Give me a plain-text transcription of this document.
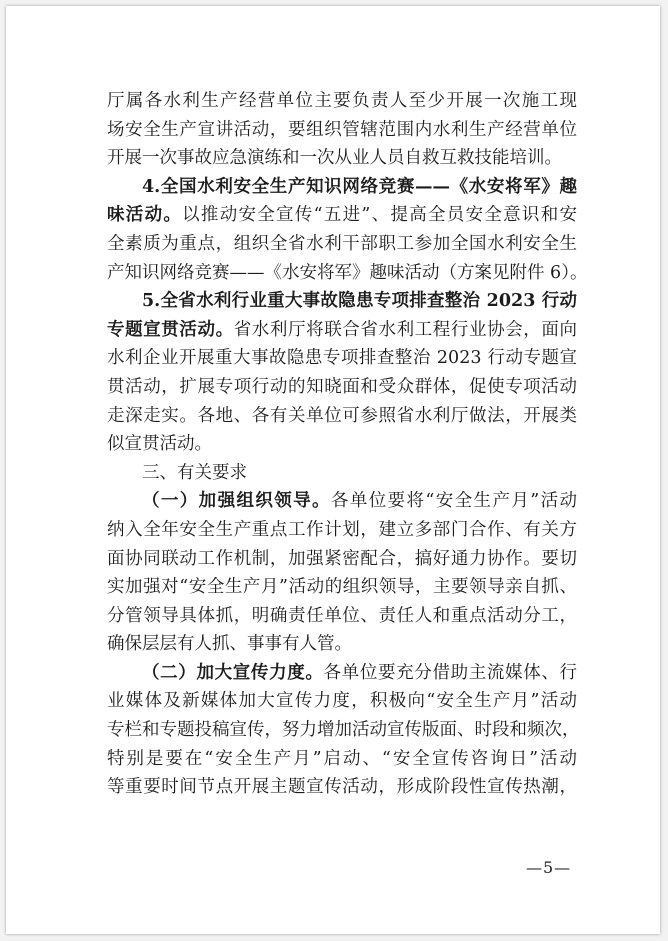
厅属各水利生产经营单位主要负责人至少开展一次施工现
场安全生产宣讲活动，要组织管辖范围内水利生产经营单位
开展一次事故应急演练和一次从业人员自救互救技能培训。
4.全国水利安全生产知识网络竞赛——《水安将军》趣
味活动。以推动安全宣传“五进”、提高全员安全意识和安
全素质为重点，组织全省水利干部职工参加全国水利安全生
产知识网络竞赛——《水安将军》趣味活动（方案见附件 6）。
5.全省水利行业重大事故隐患专项排查整治 2023 行动
专题宣贯活动。省水利厅将联合省水利工程行业协会，面向
水利企业开展重大事故隐患专项排查整治 2023 行动专题宣
贯活动，扩展专项行动的知晓面和受众群体，促使专项活动
走深走实。各地、各有关单位可参照省水利厅做法，开展类
似宣贯活动。
三、有关要求
（一）加强组织领导。各单位要将“安全生产月”活动
纳入全年安全生产重点工作计划，建立多部门合作、有关方
面协同联动工作机制，加强紧密配合，搞好通力协作。要切
实加强对“安全生产月”活动的组织领导，主要领导亲自抓、
分管领导具体抓，明确责任单位、责任人和重点活动分工，
确保层层有人抓、事事有人管。
（二）加大宣传力度。各单位要充分借助主流媒体、行
业媒体及新媒体加大宣传力度，积极向“安全生产月”活动
专栏和专题投稿宣传，努力增加活动宣传版面、时段和频次，
特别是要在“安全生产月”启动、“安全宣传咨询日”活动
等重要时间节点开展主题宣传活动，形成阶段性宣传热潮，
—5—
